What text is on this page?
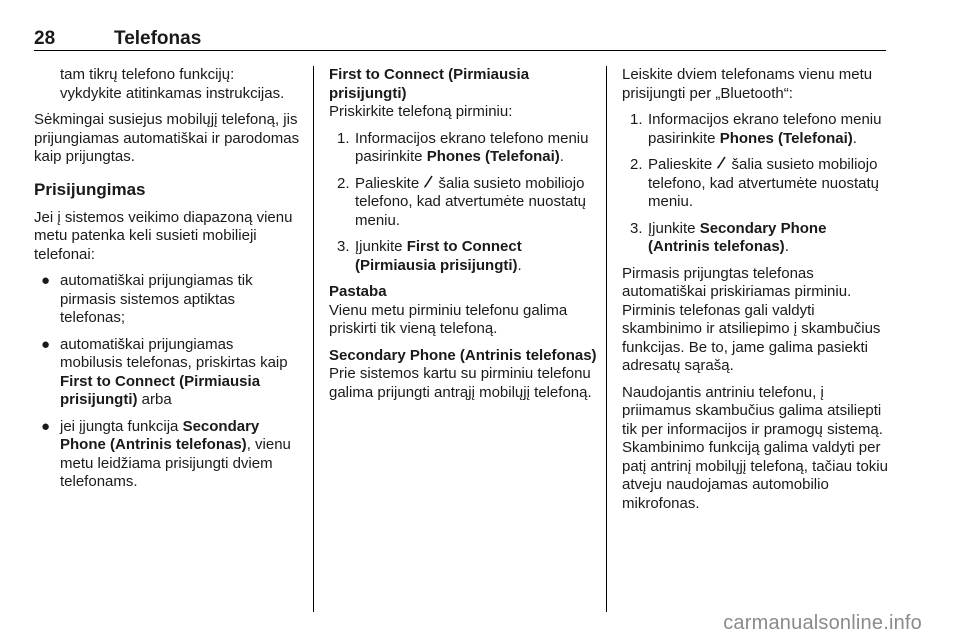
28	Telefonas

tam tikrų telefono funkcijų: vykdykite atitinkamas instrukcijas.

Sėkmingai susiejus mobilųjį telefoną, jis prijungiamas automatiškai ir parodomas kaip prijungtas.

Prisijungimas

Jei į sistemos veikimo diapazoną vienu metu patenka keli susieti mobilieji telefonai:

● automatiškai prijungiamas tik pirmasis sistemos aptiktas telefonas;
● automatiškai prijungiamas mobilusis telefonas, priskirtas kaip First to Connect (Pirmiausia prisijungti) arba
● jei įjungta funkcija Secondary Phone (Antrinis telefonas), vienu metu leidžiama prisijungti dviem telefonams.
First to Connect (Pirmiausia prisijungti)

Priskirkite telefoną pirminiu:

1. Informacijos ekrano telefono meniu pasirinkite Phones (Telefonai).
2. Palieskite  šalia susieto mobiliojo telefono, kad atvertumėte nuostatų meniu.
3. Įjunkite First to Connect (Pirmiausia prisijungti).
Pastaba

Vienu metu pirminiu telefonu galima priskirti tik vieną telefoną.

Secondary Phone (Antrinis telefonas)

Prie sistemos kartu su pirminiu telefonu galima prijungti antrąjį mobilųjį telefoną.

Leiskite dviem telefonams vienu metu prisijungti per „Bluetooth“:

1. Informacijos ekrano telefono meniu pasirinkite Phones (Telefonai).
2. Palieskite  šalia susieto mobiliojo telefono, kad atvertumėte nuostatų meniu.
3. Įjunkite Secondary Phone (Antrinis telefonas).

Pirmasis prijungtas telefonas automatiškai priskiriamas pirminiu. Pirminis telefonas gali valdyti skambinimo ir atsiliepimo į skambučius funkcijas. Be to, jame galima pasiekti adresatų sąrašą.

Naudojantis antriniu telefonu, į priimamus skambučius galima atsiliepti tik per informacijos ir pramogų sistemą. Skambinimo funkciją galima valdyti per patį antrinį mobilųjį telefoną, tačiau tokiu atveju naudojamas automobilio mikrofonas.

carmanualsonline.info
